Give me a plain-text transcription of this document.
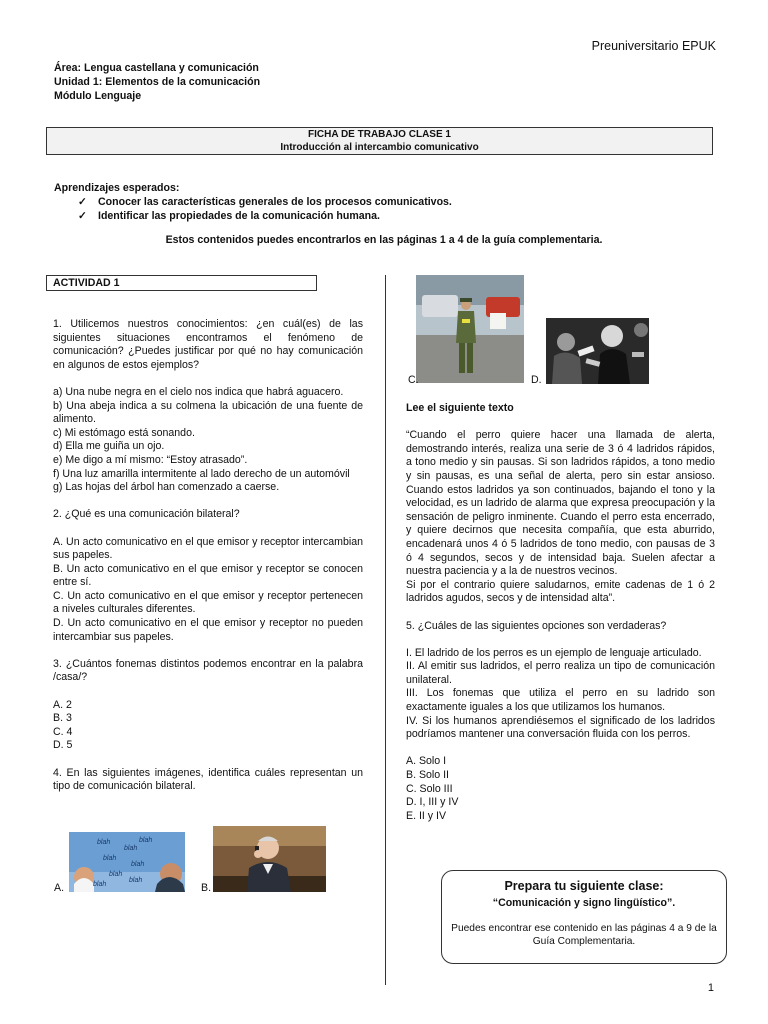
Preuniversitario EPUK
Área: Lengua castellana y comunicación
Unidad 1: Elementos de la comunicación
Módulo Lenguaje
FICHA DE TRABAJO CLASE 1
Introducción al intercambio comunicativo
Aprendizajes esperados:
✓ Conocer las características generales de los procesos comunicativos.
✓ Identificar las propiedades de la comunicación humana.
Estos contenidos puedes encontrarlos en las páginas 1 a 4 de la guía complementaria.
ACTIVIDAD 1

1. Utilicemos nuestros conocimientos: ¿en cuál(es) de las siguientes situaciones encontramos el fenómeno de comunicación? ¿Puedes justificar por qué no hay comunicación en algunos de estos ejemplos?

a) Una nube negra en el cielo nos indica que habrá aguacero.

b) Una abeja indica a su colmena la ubicación de una fuente de alimento.

c) Mi estómago está sonando.

d) Ella me guiña un ojo.

e) Me digo a mí mismo: “Estoy atrasado”.

f) Una luz amarilla intermitente al lado derecho de un automóvil

g) Las hojas del árbol han comenzado a caerse.

2. ¿Qué es una comunicación bilateral?

A. Un acto comunicativo en el que emisor y receptor intercambian sus papeles.

B. Un acto comunicativo en el que emisor y receptor se conocen entre sí.

C. Un acto comunicativo en el que emisor y receptor pertenecen a niveles culturales diferentes.

D. Un acto comunicativo en el que emisor y receptor no pueden intercambiar sus papeles.

3. ¿Cuántos fonemas distintos podemos encontrar en la palabra /casa/?

A. 2

B. 3

C. 4

D. 5

4. En las siguientes imágenes, identifica cuáles representan un tipo de comunicación bilateral.

A.
blah
blah
blah
blah
blah
blah
blah
blah
B.
C.	D.

Lee el siguiente texto

“Cuando el perro quiere hacer una llamada de alerta, demostrando interés, realiza una serie de 3 ó 4 ladridos rápidos, a tono medio y sin pausas. Si son ladridos rápidos, a tono medio y sin pausas, es una señal de alerta, pero sin estar ansioso. Cuando estos ladridos ya son continuados, bajando el tono y la velocidad, es un ladrido de alarma que expresa preocupación y la sensación de peligro inminente. Cuando el perro esta encerrado, y quiere decirnos que necesita compañía, que esta aburrido, encadenará unos 4 ó 5 ladridos de tono medio, con pausas de 3 ó 4 segundos, secos y de intensidad baja. Suelen afectar a nuestra paciencia y a la de nuestros vecinos.

Si por el contrario quiere saludarnos, emite cadenas de 1 ó 2 ladridos agudos, secos y de intensidad alta”.

5. ¿Cuáles de las siguientes opciones son verdaderas?

I. El ladrido de los perros es un ejemplo de lenguaje articulado.

II. Al emitir sus ladridos, el perro realiza un tipo de comunicación unilateral.

III. Los fonemas que utiliza el perro en su ladrido son exactamente iguales a los que utilizamos los humanos.

IV. Si los humanos aprendiésemos el significado de los ladridos podríamos mantener una conversación fluida con los perros.

A. Solo I

B. Solo II

C. Solo III

D. I, III y IV

E. II y IV

Prepara tu siguiente clase:
“Comunicación y signo lingüístico”.
Puedes encontrar ese contenido en las páginas 4 a 9 de la Guía Complementaria.
1
